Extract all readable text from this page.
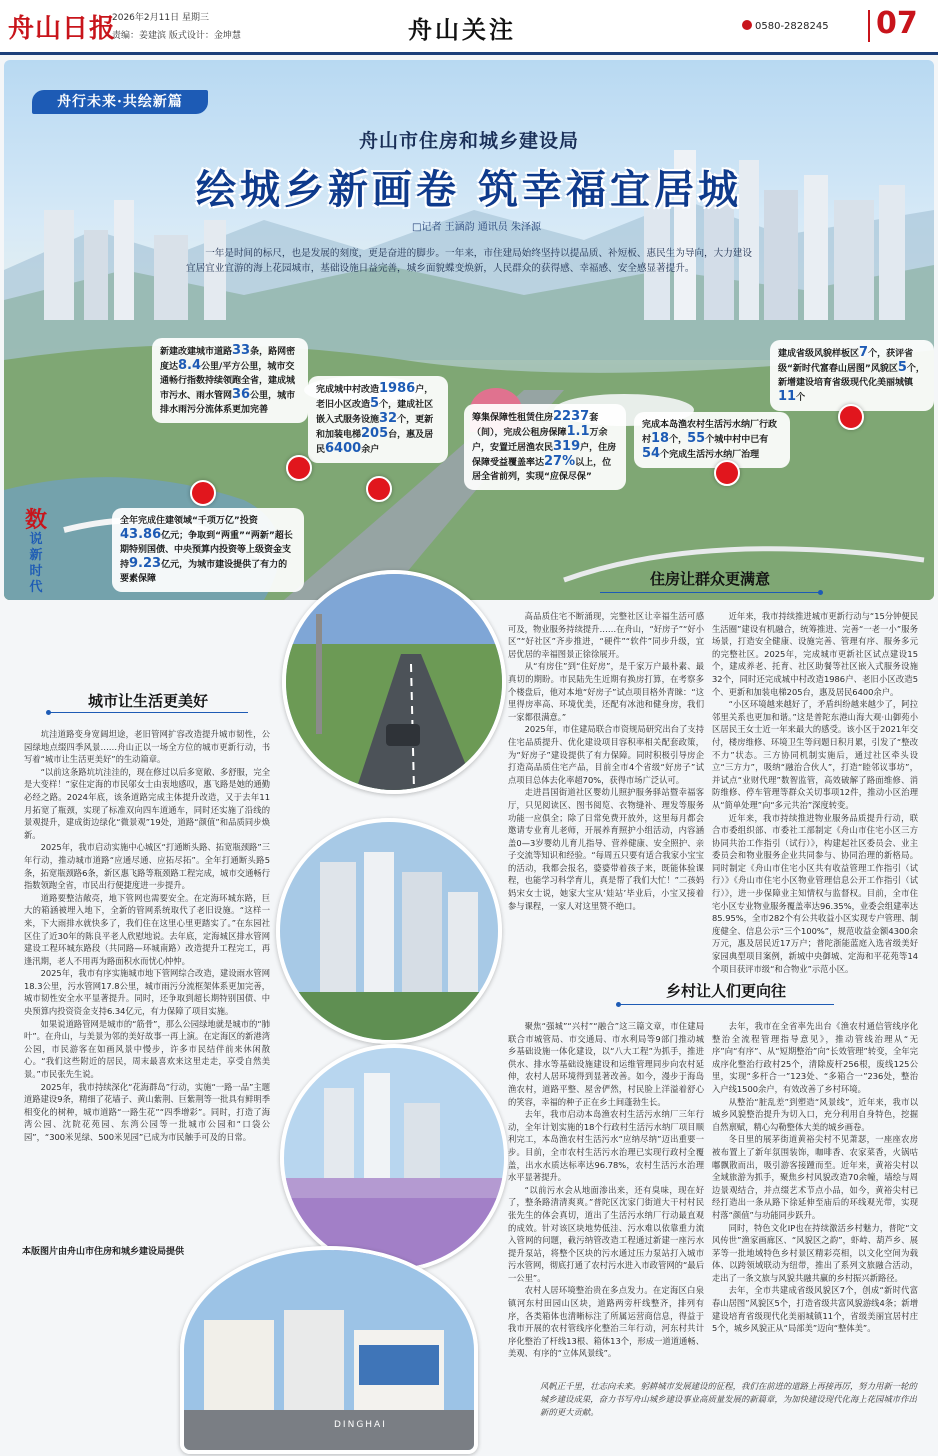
舟山日报
2026年2月11日 星期三
责编：姜建滨 版式设计：金坤慧	舟山关注	0580-2828245 07
舟行未来·共绘新篇
舟山市住房和城乡建设局
绘城乡新画卷 筑幸福宜居城
□记者 王涵韵 通讯员 朱泽源
一年是时间的标尺，也是发展的刻度，更是奋进的脚步。一年来，市住建局始终坚持以提品质、补短板、惠民生为导向，大力建设宜居宜业宜游的海上花园城市，基础设施日益完善，城乡面貌蝶变焕新，人民群众的获得感、幸福感、安全感显著提升。
新建改建城市道路33条，路网密度达8.4公里/平方公里，城市交通畅行指数持续领跑全省，建成城市污水、雨水管网36公里，城市排水雨污分流体系更加完善
完成城中村改造1986户，老旧小区改造5个，建成社区嵌入式服务设施32个，更新和加装电梯205台，惠及居民6400余户
筹集保障性租赁住房2237套（间），完成公租房保障1.1万余户，安置迁居渔农民319户，住房保障受益覆盖率达27%以上，位居全省前列，实现“应保尽保”
完成本岛渔农村生活污水纳厂行政村18个，55个城中村中已有54个完成生活污水纳厂治理
建成省级风貌样板区7个，获评省级“新时代富春山居图”风貌区5个，新增建设培育省级现代化美丽城镇11个
全年完成住建领域“千项万亿”投资43.86亿元；争取到“两重”“两新”超长期特别国债、中央预算内投资等上级资金支持9.23亿元，为城市建设提供了有力的要素保障
数
说
新
时
代
DINGHAI
城市让生活更美好

坑洼道路变身宽阔坦途，老旧管网扩容改造提升城市韧性，公园绿地点缀四季风景……舟山正以一场全方位的城市更新行动，书写着“城市让生活更美好”的生动篇章。

“以前这条路坑坑洼洼的，现在修过以后多宽敞、多舒服，完全是大变样！”家住定海的市民邬女士由衷地感叹，惠飞路是她的通勤必经之路。2024年底，该条道路完成主体提升改造，又于去年11月拓宽了瓶颈，实现了标准双向四车道通车，同时还实施了沿线的景观提升，建成街边绿化“微景观”19处，道路“颜值”和品质同步焕新。

2025年，我市启动实施中心城区“打通断头路、拓宽瓶颈路”三年行动，推动城市道路“应通尽通、应拓尽拓”。全年打通断头路5条，拓宽瓶颈路6条，新区惠飞路等瓶颈路工程完成，城市交通畅行指数领跑全省，市民出行便捷度进一步提升。

道路要整洁敞亮，地下管网也需要安全。在定海环城东路，巨大的箱涵被埋入地下，全新的管网系统取代了老旧设施。“这样一来，下大雨排水就快多了，我们住在这里心里更踏实了。”在东园社区住了近30年的陈良平老人欣慰地说。去年底，定海城区排水管网建设工程环城东路段（共同路—环城南路）改造提升工程完工，再逢汛期，老人不用再为路面积水而忧心忡忡。

2025年，我市有序实施城市地下管网综合改造，建设雨水管网18.3公里，污水管网17.8公里，城市雨污分流框架体系更加完善，城市韧性安全水平显著提升。同时，还争取到超长期特别国债、中央预算内投资资金支持6.34亿元，有力保障了项目实施。

如果说道路管网是城市的“筋骨”，那么公园绿地就是城市的“肺叶”。在舟山，与美景为邻的美好故事一再上演。在定海区的新港湾公园，市民游客在如画风景中慢步，许多市民结伴前来休闲散心。“我们这些附近的居民，周末最喜欢来这里走走，享受自然美景。”市民张先生说。

2025年，我市持续深化“花海群岛”行动，实施“一路一品”主题道路建设9条，精细了花墙子、黄山紫荆、巨紫荆等一批具有鲜明季相变化的树种，城市道路“一路生花”“四季增彩”。同时，打造了海湾公园、沈院花苑园、东湾公园等一批城市公园和“口袋公园”，“300米见绿、500米见园”已成为市民触手可及的日常。

本版图片由舟山市住房和城乡建设局提供
住房让群众更满意

高品质住宅不断涌现，完整社区让幸福生活可感可及，物业服务持续提升……在舟山，“好房子”“好小区”“好社区”齐步推进，“硬件”“软件”同步升级，宜居优居的幸福图景正徐徐展开。

从“有房住”到“住好房”，是千家万户最朴素、最真切的期盼。市民陆先生近期有换房打算，在考察多个楼盘后，他对本地“好房子”试点项目格外青睐：“这里得房率高、环境优美，还配有冰池和健身房，我们一家都很满意。”

2025年，市住建局联合市资规局研究出台了支持住宅品质提升、优化建设项目容积率相关配套政策，为“好房子”建设提供了有力保障。同时积极引导房企打造高品质住宅产品，目前全市4个省级“好房子”试点项目总体去化率超70%，获得市场广泛认可。

走进昌国街道社区婴幼儿照护服务驿站暨幸福客厅，只见阅读区、图书阅览、衣物缝补、理发等服务功能一应俱全；除了日常免费开放外，这里每月都会邀请专业育儿老师，开展养育照护小组活动，内容涵盖0—3岁婴幼儿育儿指导、营养健康、安全照护、亲子交流等知识和经验。“每周五只要有适合我家小宝宝的活动，我都会报名，婆婆带着孩子来，既能体验课程，也能学习科学育儿，真是帮了我们大忙！”二孩妈妈宋女士说，她家大宝从‘娃站’毕业后，小宝又接着参与课程，一家人对这里赞不绝口。

近年来，我市持续推进城市更新行动与“15分钟便民生活圈”建设有机融合，统筹推进、完善“一老一小”服务场景，打造安全健康、设施完善、管理有序、服务多元的完整社区。2025年，完成城市更新社区试点建设15个，建成养老、托育、社区助餐等社区嵌入式服务设施32个，同时还完成城中村改造1986户、老旧小区改造5个、更新和加装电梯205台，惠及居民6400余户。

“小区环境越来越好了，矛盾纠纷越来越少了，阿拉邻里关系也更加和谐。”这是普陀东港山海大观·山御苑小区居民王女士近一年来最大的感受。该小区于2021年交付，楼房维修、环境卫生等问题日积月累，引发了“整改不力”状态。三方协同机制实施后，通过社区牵头设立“三方力”，吸纳“融治合伙人”，打造“睦邻议事坊”，并试点“业财代理”数智监管，高效破解了路面维修、消防维修、停车管理等群众关切事项12件，推动小区治理从“简单处理”向“多元共治”深度转变。

近年来，我市持续推进物业服务品质提升行动，联合市委组织部、市委社工部制定《舟山市住宅小区三方协同共治工作指引（试行）》，构建起社区委员会、业主委员会和物业服务企业共同参与、协同治理的新格局。同时制定《舟山市住宅小区共有收益管理工作指引（试行）》《舟山市住宅小区物业管理信息公开工作指引（试行）》，进一步保障业主知情权与监督权。目前，全市住宅小区专业物业服务覆盖率达96.35%，业委会组建率达85.95%，全市282个有公共收益小区实现专户管理、制度健全、信息公示“三个100%”，规范收益金额4300余万元，惠及居民近17万户；普陀浙能蓝庭入选省级美好家园典型项目案例，新城中央御城、定海和平花苑等14个项目获评市级“和合物业”示范小区。

乡村让人们更向往

聚焦“强城”“兴村”“融合”这三篇文章，市住建局联合市城管局、市交通局、市水利局等9部门推动城乡基础设施一体化建设，以“八大工程”为抓手，推进供水、排水等基础设施建设和运维管理同步向农村延伸，农村人居环境得到显著改善。如今，漫步于海岛渔农村，道路平整、屋舍俨然，村民脸上洋溢着舒心的笑容，幸福的种子正在乡土间蓬勃生长。

去年，我市启动本岛渔农村生活污水纳厂三年行动，全年计划实施的18个行政村生活污水纳厂项目顺利完工，本岛渔农村生活污水“应纳尽纳”迈出重要一步。目前，全市农村生活污水治理已实现行政村全覆盖，出水水质达标率达96.78%，农村生活污水治理水平显著提升。

“以前污水会从地面渗出来，还有臭味，现在好了，整条路清清爽爽。”普陀区沈家门街道大干村村民张先生的体会真切，道出了生活污水纳厂行动最直观的成效。针对该区块地势低洼、污水难以依靠重力流入管网的问题，截污纳管改造工程通过新建一座污水提升泵站，将整个区块的污水通过压力泵站打入城市污水管网，彻底打通了农村污水进入市政管网的“最后一公里”。

农村人居环境整治贵在多点发力。在定海区白泉镇河东村田园山区块，道路两旁杆线整齐，排列有序，各类箱体也清晰标注了所属运营商信息，得益于我市开展的农村管线序化整治三年行动，河东村共计序化整治了杆线13根、箱体13个，形成一道道通畅、美观、有序的“立体风景线”。

去年，我市在全省率先出台《渔农村通信管线序化整治全流程管理指导意见》，推动管线治理从“无序”向“有序”、从“短期整治”向“长效管理”转变，全年完成序化整治行政村25个，清除废杆256根，废线125公里，实现“多杆合一”123处、“多箱合一”236处，整治入户线1500余户，有效改善了乡村环境。

从整治“脏乱差”到塑造“风景线”，近年来，我市以城乡风貌整治提升为切入口，充分利用自身特色，挖掘自然禀赋，精心勾勒整体大美的城乡画卷。

冬日里的展茅街道黄裕尖村不见萧瑟，一座座农房被布置上了新年氛围装饰，咖啡香、农家菜香，火锅咕嘟飘散而出，吸引游客接踵而至。近年来，黄裕尖村以全域旅游为抓手，聚焦乡村风貌改造70余幢，墙绘与周边景观结合，并点缀艺术节点小品，如今，黄裕尖村已经打造出一条从路下徐延伸至庙后的环线观光带，实现村落“颜值”与功能同步跃升。

同时，特色文化IP也在持续激活乡村魅力，普陀“文风传世”渔家画廊区、“风貌区之韵”，虾峙、葫芦乡、展茅等一批地域特色乡村景区精彩亮相，以文化空间为载体、以跨领域联动为纽带，推出了系列文旅融合活动，走出了一条文旅与风貌共融共赢的乡村振兴新路径。

去年，全市共建成省级风貌区7个，创成“新时代富春山居图”风貌区5个，打造省级共富风貌游线4条；新增建设培育省级现代化美丽城镇11个，省级美丽宜居村庄5个，城乡风貌正从“局部美”迈向“整体美”。

风帆正千里，壮志向未来。躬耕城市发展建设的征程，我们在前进的道路上再接再厉，努力用新一轮的城乡建设成果，奋力书写舟山城乡建设事业高质量发展的新篇章，为加快建设现代化海上花园城市作出新的更大贡献。
